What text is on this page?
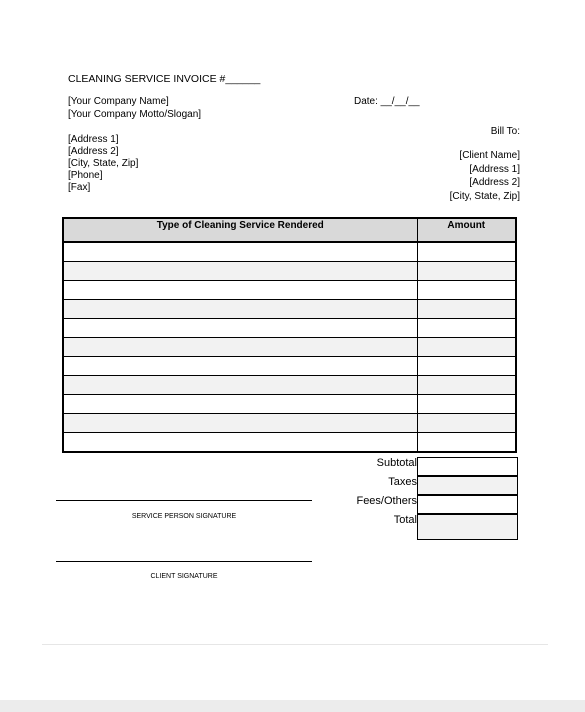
CLEANING SERVICE INVOICE #______
[Your Company Name]
[Your Company Motto/Slogan]
Date: __/__/__
[Address 1]
[Address 2]
[City, State, Zip]
[Phone]
[Fax]
Bill To:
[Client Name]
[Address 1]
[Address 2]
[City, State, Zip]
Type of Cleaning Service Rendered	Amount

Subtotal
Taxes
Fees/Others
Total
SERVICE PERSON SIGNATURE
CLIENT SIGNATURE
